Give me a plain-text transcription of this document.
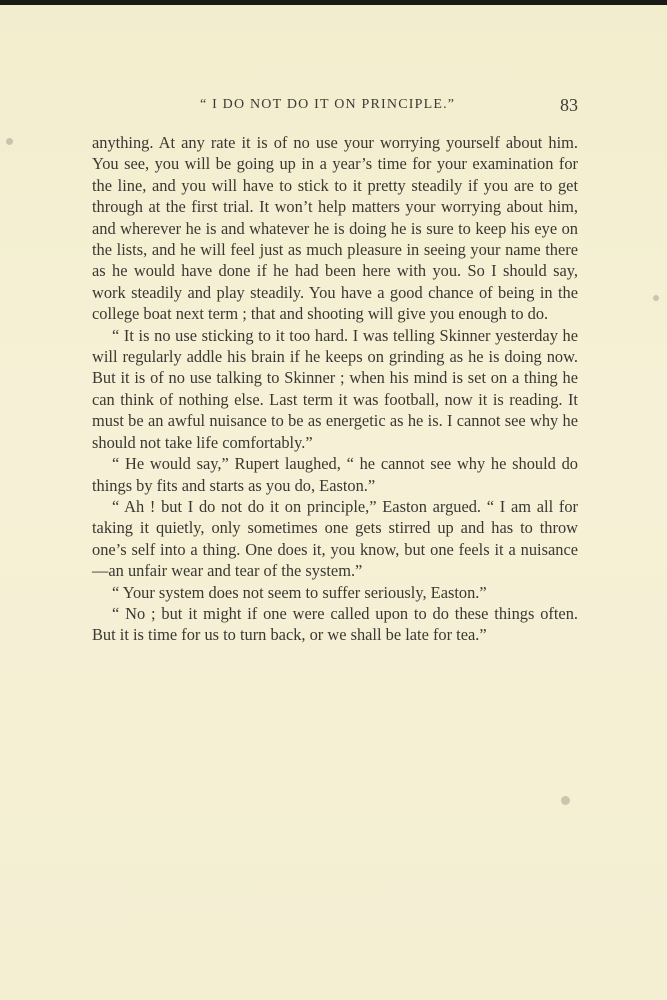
“ I DO NOT DO IT ON PRINCIPLE.”	83

anything. At any rate it is of no use your worrying yourself about him. You see, you will be going up in a year’s time for your examination for the line, and you will have to stick to it pretty steadily if you are to get through at the first trial. It won’t help matters your worrying about him, and wherever he is and whatever he is doing he is sure to keep his eye on the lists, and he will feel just as much pleasure in seeing your name there as he would have done if he had been here with you. So I should say, work steadily and play steadily. You have a good chance of being in the college boat next term ; that and shooting will give you enough to do.

“ It is no use sticking to it too hard. I was telling Skinner yesterday he will regularly addle his brain if he keeps on grinding as he is doing now. But it is of no use talking to Skinner ; when his mind is set on a thing he can think of nothing else. Last term it was football, now it is reading. It must be an awful nuisance to be as energetic as he is. I cannot see why he should not take life comfortably.”

“ He would say,” Rupert laughed, “ he cannot see why he should do things by fits and starts as you do, Easton.”

“ Ah ! but I do not do it on principle,” Easton argued. “ I am all for taking it quietly, only sometimes one gets stirred up and has to throw one’s self into a thing. One does it, you know, but one feels it a nuisance—an unfair wear and tear of the system.”

“ Your system does not seem to suffer seriously, Easton.”

“ No ; but it might if one were called upon to do these things often. But it is time for us to turn back, or we shall be late for tea.”
